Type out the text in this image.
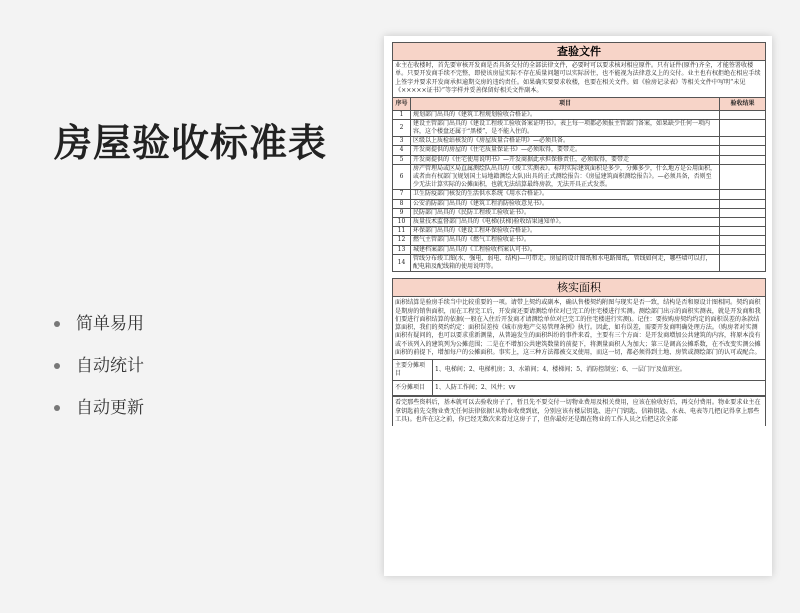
房屋验收标准表
简单易用
自动统计
自动更新
查验文件
业主在收楼时，首先要审核开发商是否具备交付的全部法律文件，必要时可以要求核对相应原件。只有证件(原件)齐全，才能签署收楼单。只要开发商手续不完整，即使该房屋实际不存在质量问题可以实际居住，也不能视为法律意义上的交付。业主也有权拒绝在相应手续上签字并要求开发商承担逾期交房的违约责任。如果确实要要求收楼，也要在相关文件。如《验房记录表》等相关文件中写明“未见《×××××证书》”等字样并妥善保留好相关文件副本。
序号	项目	验收结果
1	规划部门出具的《建筑工程规划验收合格证》。	
2	建设主管部门出具的《建设工程竣工验收备案证明书》。表上每一项都必须报主管部门备案，如果缺少任何一项内容，这个楼盘还属于“黑楼”，是不能入住的。	
3	区级以上质检站核发的《房屋质量合格证明》—必须具备。	
4	开发商提供的房屋的《住宅质量保证书》—必须取得，要带走。	
5	开发商提供的《住宅使用说明书》—开发商据此承担保修责任，必须取得，要带走	
6	房产管理局或区局直属测绘队出具的《竣工实测表》。标明实际建筑面积是多少，分摊多少，什么地方是公用面积，或者由有权部门(规划国土局地籍测绘大队)出具的正式测绘报告：《房屋建筑面积测绘报告》。—必须具备，否则至少无法计算实际的公摊面积，也就无法结算最终房款，无法开具正式发票。	
7	卫生防疫部门核发的生活供水系统《用水合格证》。	
8	公安消防部门出具的《建筑工程消防验收意见书》。	
9	民防部门出具的《民防工程竣工验收证书》。	
10	质量技术监督部门出具的《电梯(扶梯)验收结果通知单》。	
11	环保部门出具的《建设工程环保验收合格证》。	
12	燃气主管部门出具的《燃气工程验收证书》。	
13	城建档案部门出具的《工程验收档案认可书》。	
14	管线分布竣工图(水、强电、弱电、结构)—可带走。房屋的设计图纸和水电路图纸，管线如何走，哪些墙可以打，配电箱及配线箱的使用说明等。	
核实面积
面积结算是验房手续当中比较重要的一项。请带上契约或副本，确认售楼契约附图与现实是否一致，结构是否和原设计图相同。契约面积是期房的销售面积，而在工程完工后，开发商还要请测绘单位对已完工的住宅楼进行实测。测绘部门出示的面积实测表，就是开发商和我们要进行面积结算的依据(一般在入住后开发商才请测绘单位对已完工的住宅楼进行实测)。记住：要按购房契约约定的面积误差的条款结算面积，我们的契约约定：面积误差按《城市房地产交易管理条例》执行。因此，如有误差，需要开发商明确处理方法。（购房者对实测面积有疑问的，也可以要求重新测量，从普遍发生的面积纠纷的事件来看，主要有三个方面：是开发商增加公共建筑的内容，将原本没有或不该列入的建筑列为公摊范围；二是在不增加公共建筑数量的前提下，将测量面积人为加大；第三是调高公摊系数，在不改变实测公摊面积的前提下，增加每户的公摊面积。事实上，这三种方法都被交叉使用，而这一切，都必须得到土地、房管或测绘部门的认可或配合。
主要分摊项目	1、电梯间；2、电梯机房；3、水箱间；4、楼梯间；5、消防控制室；6、一层门厅及值班室。
不分摊项目	1、人防工作间；2、风井；vv
看完那些资料后，基本就可以去验收房子了，暂且先不要交付一切物业费用及相关费用，应该在验收好后，再交付费用。物业要求业主在拿钥匙前先交物业费无任何法律依据!从物业收费到底，分别应该有楼层钥匙、进户门钥匙、信箱钥匙、水表、电表等几把(记得拿上那些工具)。也许在这之前，你已经无数次来看过这房子了，但你最好还是跟在物业的工作人员之后把这次全部
